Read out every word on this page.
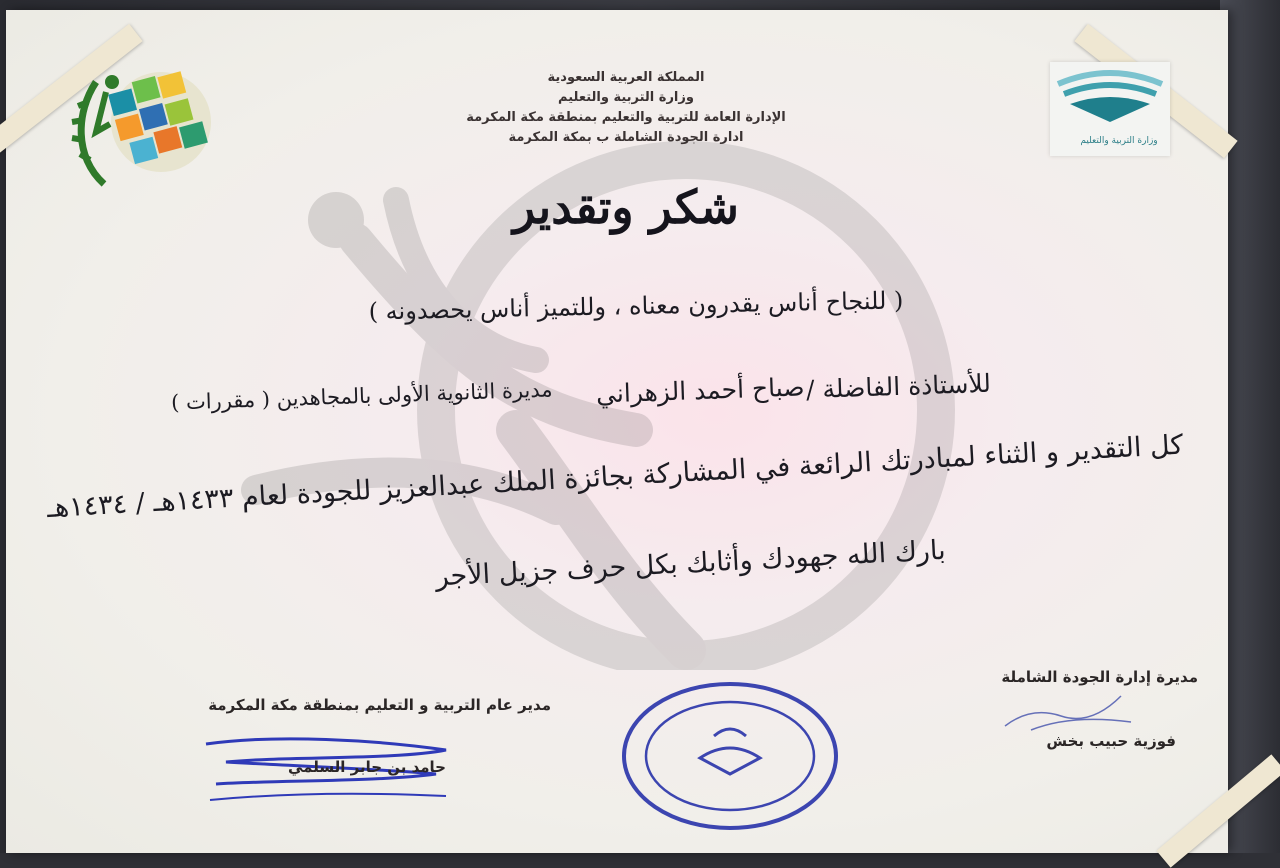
وزارة التربية والتعليم
المملكة العربية السعودية
وزارة التربية والتعليم
الإدارة العامة للتربية والتعليم بمنطقة مكة المكرمة
ادارة الجودة الشاملة ب بمكة المكرمة
شكر وتقدير
( للنجاح أناس يقدرون معناه ، وللتميز أناس يحصدونه )
للأستاذة الفاضلة /
صباح أحمد الزهراني
مديرة الثانوية الأولى بالمجاهدين ( مقررات )
كل التقدير و الثناء لمبادرتك الرائعة في المشاركة بجائزة الملك عبدالعزيز للجودة لعام ١٤٣٣هـ / ١٤٣٤هـ
بارك الله جهودك وأثابك بكل حرف جزيل الأجر
مديرة إدارة الجودة الشاملة
فوزية حبيب بخش
مدير عام التربية و التعليم بمنطقة مكة المكرمة
حامد بن جابر السلمي
